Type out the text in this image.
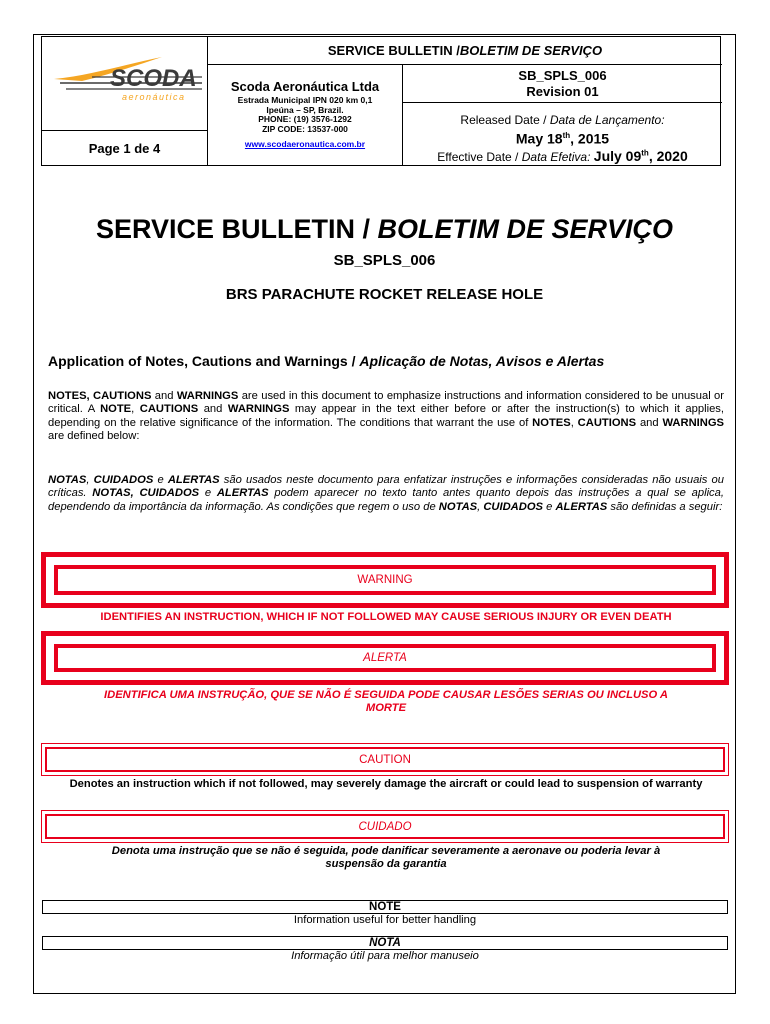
SCODA
aeronáutica
Page 1 de 4
SERVICE BULLETIN / BOLETIM DE SERVIÇO
Scoda Aeronáutica Ltda
Estrada Municipal IPN 020 km 0,1
Ipeúna – SP, Brazil.
PHONE: (19) 3576-1292
ZIP CODE: 13537-000
www.scodaeronautica.com.br
SB_SPLS_006
Revision 01
Released Date / Data de Lançamento:
May 18th, 2015
Effective Date / Data Efetiva: July 09th, 2020
SERVICE BULLETIN / BOLETIM DE SERVIÇO
SB_SPLS_006
BRS PARACHUTE ROCKET RELEASE HOLE
Application of Notes, Cautions and Warnings / Aplicação de Notas, Avisos e Alertas
NOTES, CAUTIONS and WARNINGS are used in this document to emphasize instructions and information considered to be unusual or critical. A NOTE, CAUTIONS and WARNINGS may appear in the text either before or after the instruction(s) to which it applies, depending on the relative significance of the information. The conditions that warrant the use of NOTES, CAUTIONS and WARNINGS are defined below:
NOTAS, CUIDADOS e ALERTAS são usados neste documento para enfatizar instruções e informações consideradas não usuais ou críticas. NOTAS, CUIDADOS e ALERTAS podem aparecer no texto tanto antes quanto depois das instruções a qual se aplica, dependendo da importância da informação. As condições que regem o uso de NOTAS, CUIDADOS e ALERTAS são definidas a seguir:
WARNING
IDENTIFIES AN INSTRUCTION, WHICH IF NOT FOLLOWED MAY CAUSE SERIOUS INJURY OR EVEN DEATH
ALERTA
IDENTIFICA UMA INSTRUÇÃO, QUE SE NÃO É SEGUIDA PODE CAUSAR LESÕES SERIAS OU INCLUSO A MORTE
CAUTION
Denotes an instruction which if not followed, may severely damage the aircraft or could lead to suspension of warranty
CUIDADO
Denota uma instrução que se não é seguida, pode danificar severamente a aeronave ou poderia levar à suspensão da garantia
NOTE
Information useful for better handling
NOTA
Informação útil para melhor manuseio
